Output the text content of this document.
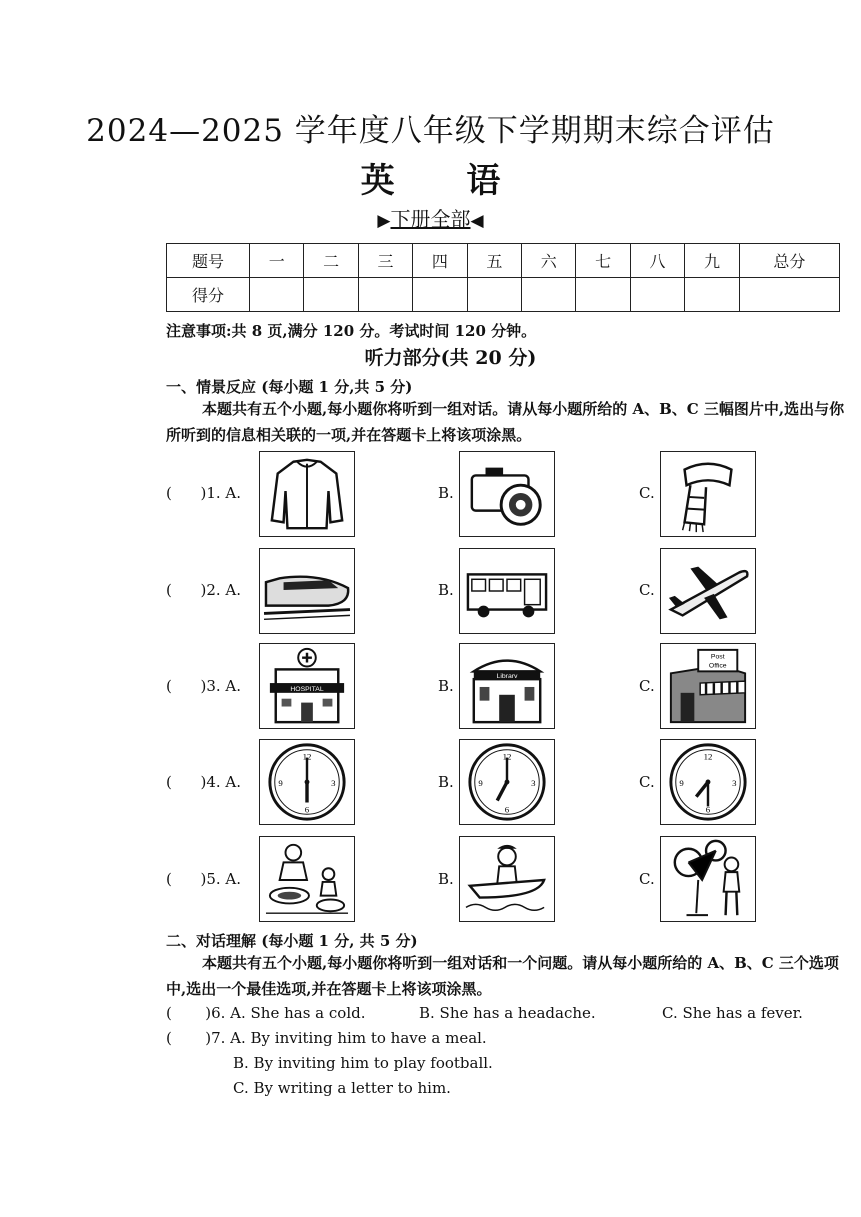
2024—2025 学年度八年级下学期期末综合评估
英 语
▶下册全部◀
题号	一	二	三	四	五	六	七	八	九	总分
得分										
注意事项:共 8 页,满分 120 分。考试时间 120 分钟。
听力部分(共 20 分)
一、情景反应 (每小题 1 分,共 5 分)
本题共有五个小题,每小题你将听到一组对话。请从每小题所给的 A、B、C 三幅图片中,选出与你所听到的信息相关联的一项,并在答题卡上将该项涂黑。
(      )1. A.	B.	C.
(      )2. A.	B.	C.
(      )3. A.	B.	C.
(      )4. A.	B.	C.
(      )5. A.	B.	C.
HOSPITAL
Library
Post
Office
12
3
6
9
12
3
6
9
12
3
6
9
二、对话理解 (每小题 1 分, 共 5 分)
本题共有五个小题,每小题你将听到一组对话和一个问题。请从每小题所给的 A、B、C 三个选项中,选出一个最佳选项,并在答题卡上将该项涂黑。
(       )6. A. She has a cold.	B. She has a headache.	C. She has a fever.
(       )7. A. By inviting him to have a meal.
B. By inviting him to play football.
C. By writing a letter to him.
